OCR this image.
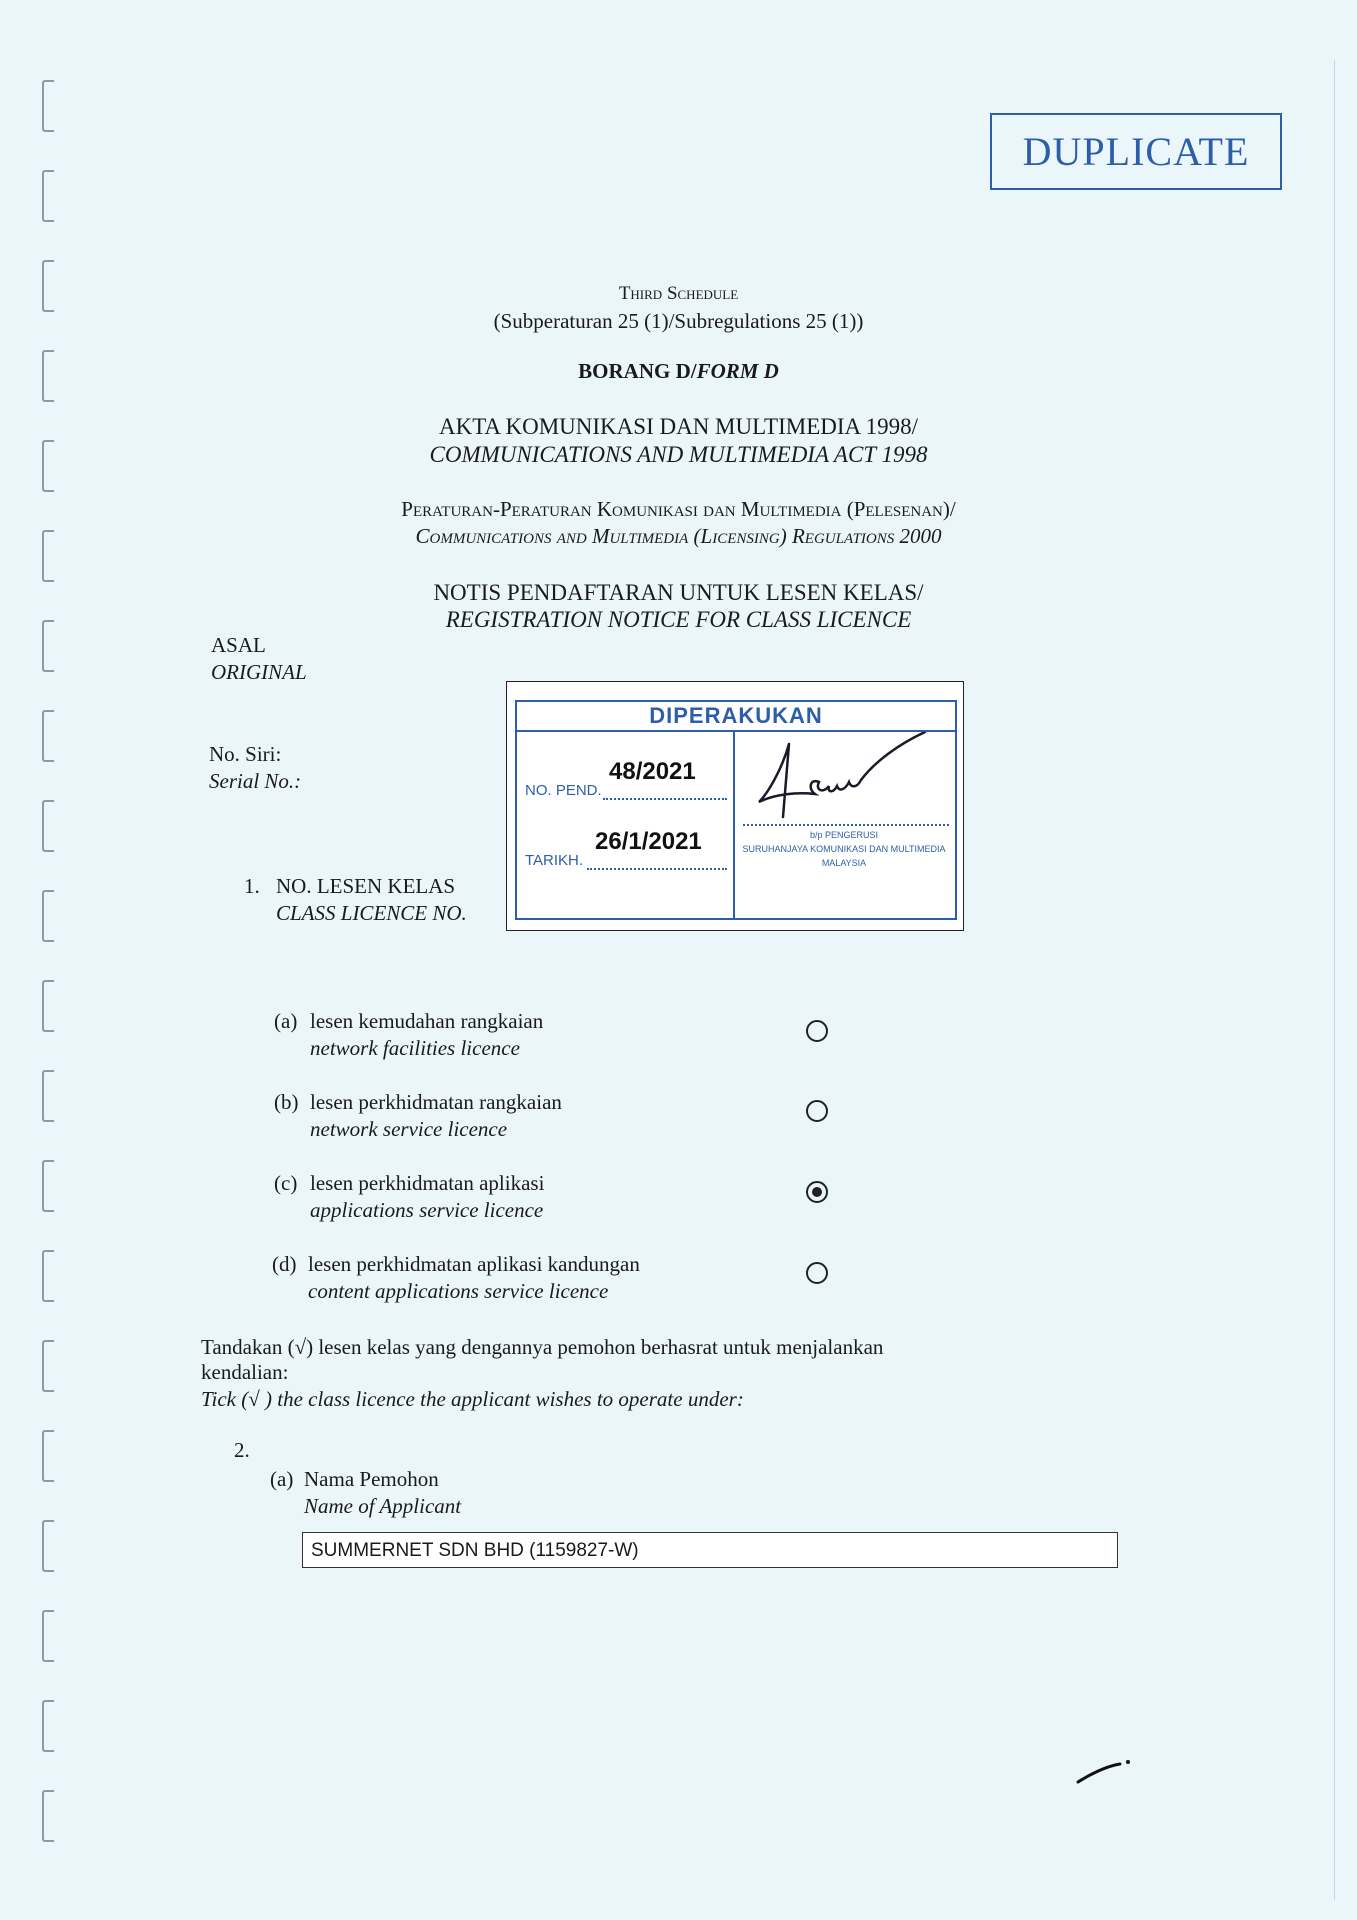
DUPLICATE
Third Schedule
(Subperaturan 25 (1)/Subregulations 25 (1))
BORANG D/FORM D
AKTA KOMUNIKASI DAN MULTIMEDIA 1998/
COMMUNICATIONS AND MULTIMEDIA ACT 1998
Peraturan-Peraturan Komunikasi dan Multimedia (Pelesenan)/
Communications and Multimedia (Licensing) Regulations 2000
NOTIS PENDAFTARAN UNTUK LESEN KELAS/
REGISTRATION NOTICE FOR CLASS LICENCE
ASAL
ORIGINAL
No. Siri:
Serial No.:
DIPERAKUKAN
NO. PEND.
48/2021
TARIKH.
26/1/2021	b/p PENGERUSI
SURUHANJAYA KOMUNIKASI DAN MULTIMEDIA
MALAYSIA
1. NO. LESEN KELAS
CLASS LICENCE NO.
(a) lesen kemudahan rangkaian
network facilities licence
(b) lesen perkhidmatan rangkaian
network service licence
(c) lesen perkhidmatan aplikasi
applications service licence
(d) lesen perkhidmatan aplikasi kandungan
content applications service licence
Tandakan (√) lesen kelas yang dengannya pemohon berhasrat untuk menjalankan
kendalian:
Tick (√ ) the class licence the applicant wishes to operate under:
2.
(a) Nama Pemohon
Name of Applicant
SUMMERNET SDN BHD (1159827-W)
